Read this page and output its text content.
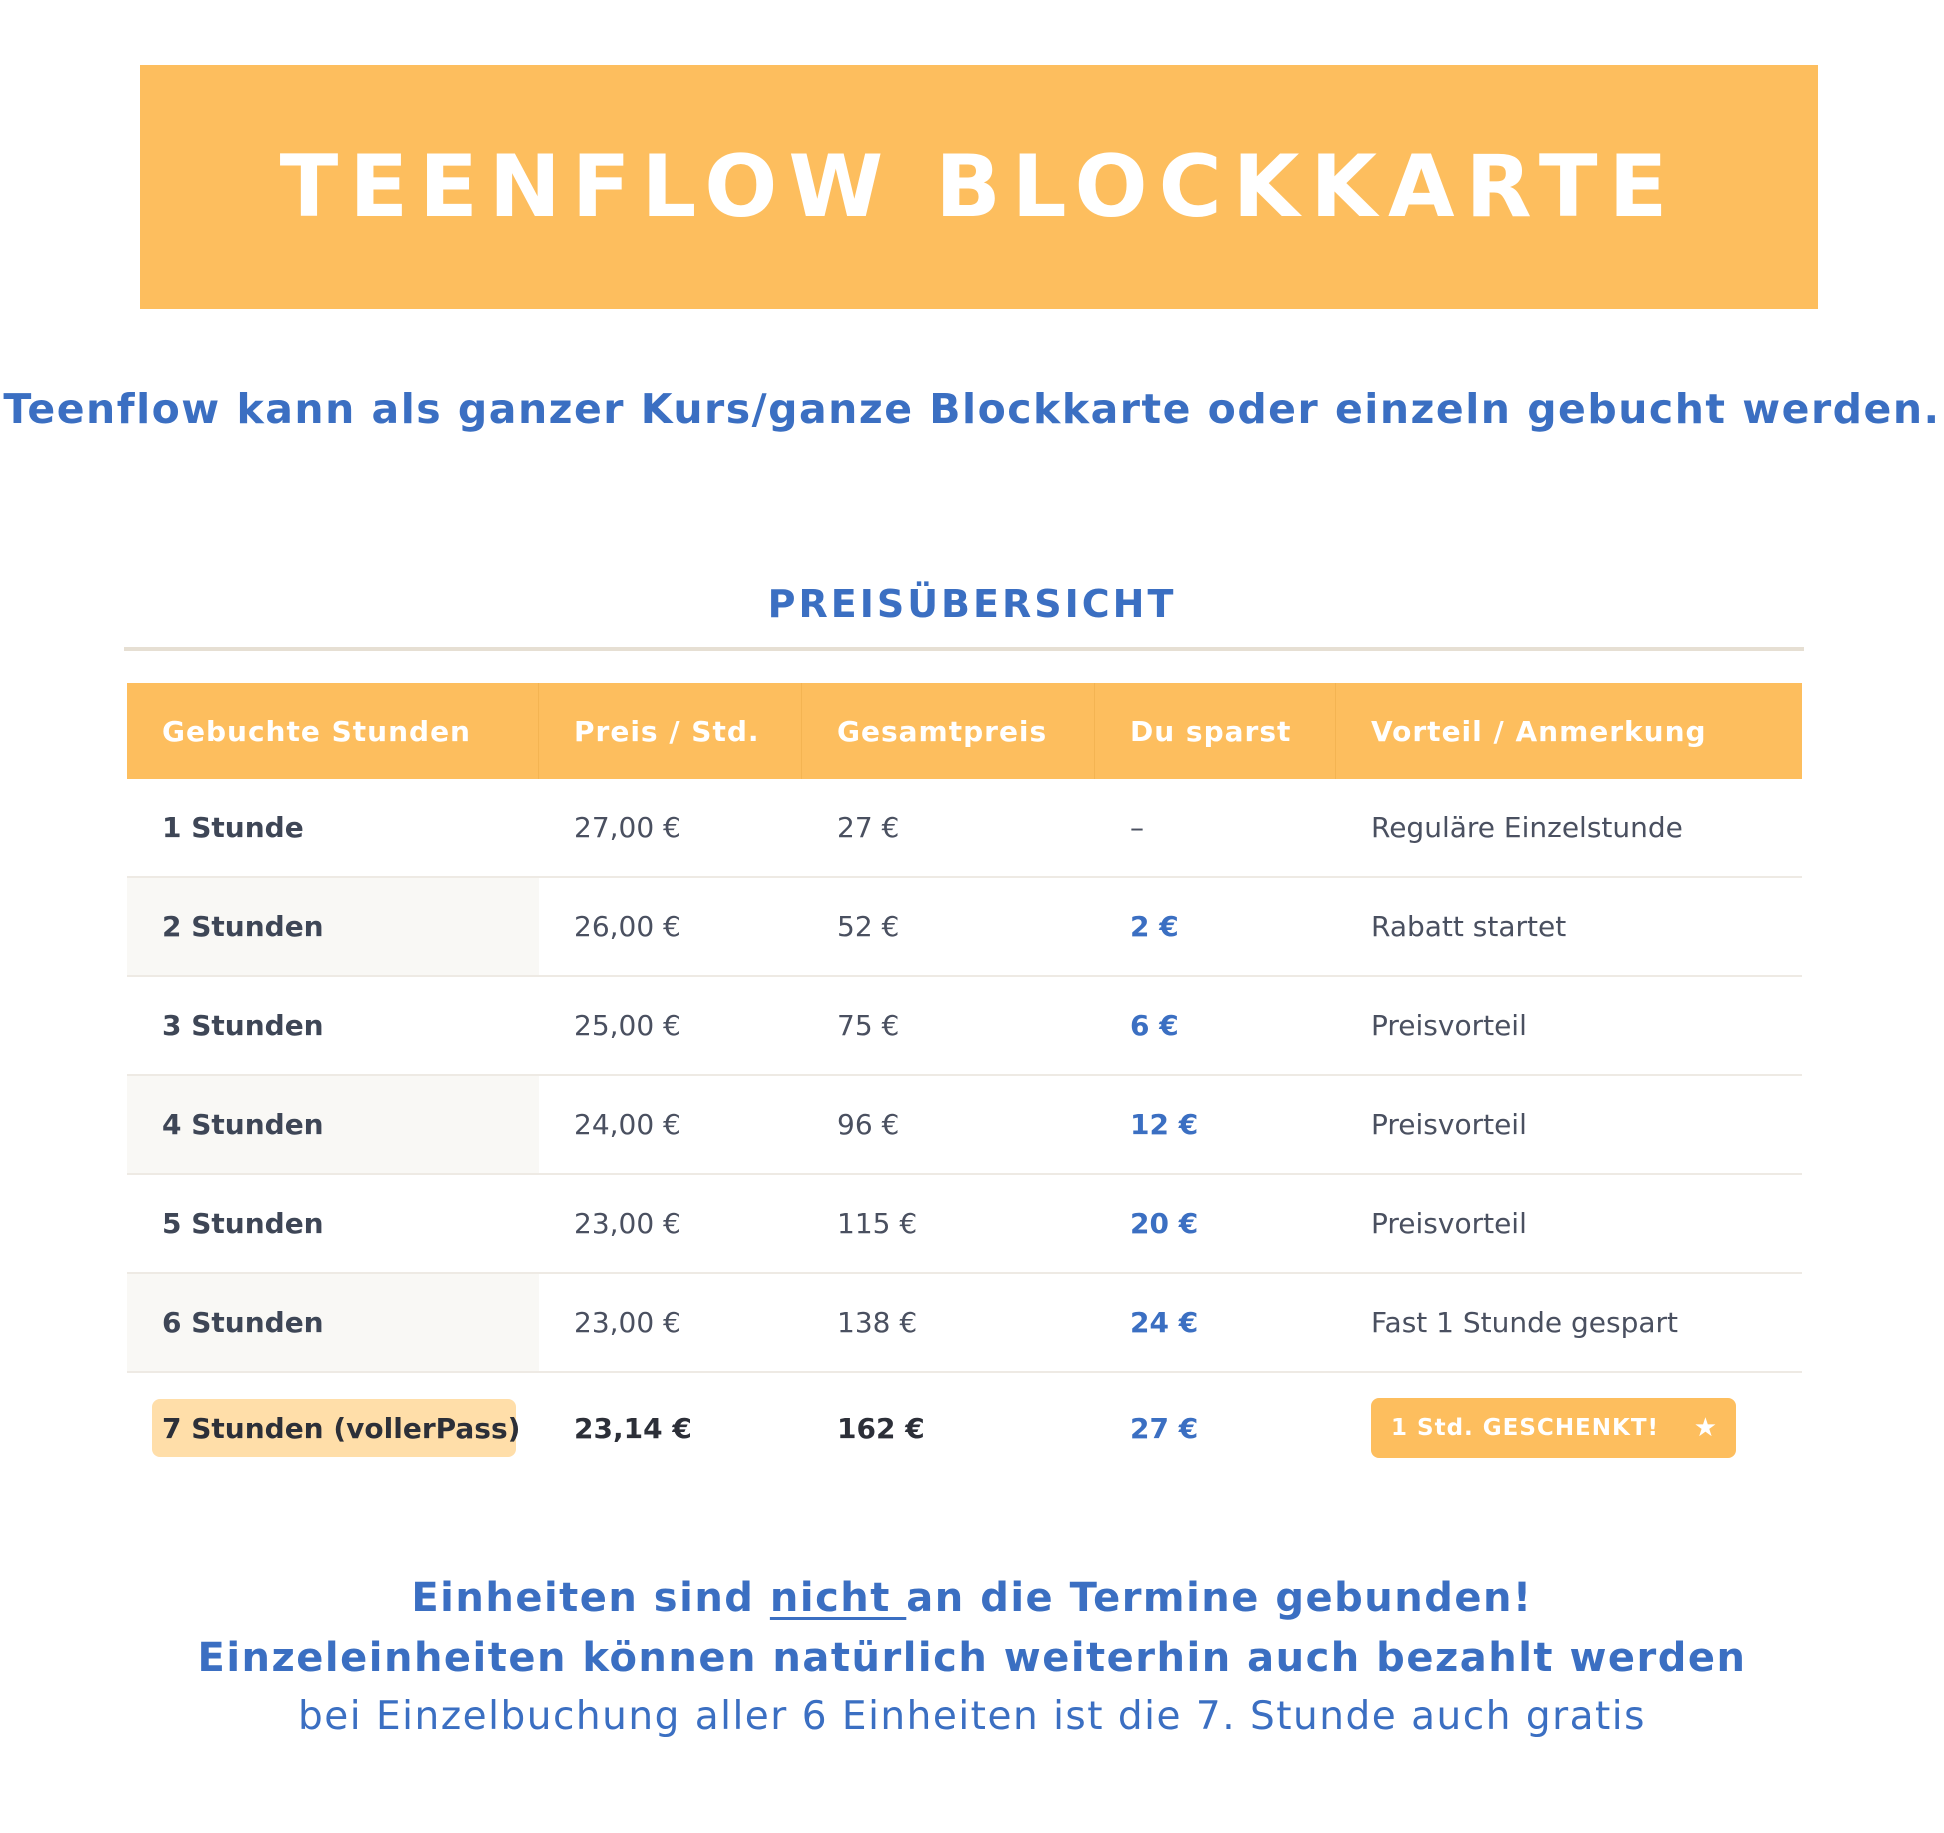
TEENFLOW BLOCKKARTE
Teenflow kann als ganzer Kurs/ganze Blockkarte oder einzeln gebucht werden.
PREISÜBERSICHT
Gebuchte Stunden	Preis / Std.	Gesamtpreis	Du sparst	Vorteil / Anmerkung
1 Stunde	27,00 €	27 €	–	Reguläre Einzelstunde
2 Stunden	26,00 €	52 €	2 €	Rabatt startet
3 Stunden	25,00 €	75 €	6 €	Preisvorteil
4 Stunden	24,00 €	96 €	12 €	Preisvorteil
5 Stunden	23,00 €	115 €	20 €	Preisvorteil
6 Stunden	23,00 €	138 €	24 €	Fast 1 Stunde gespart
7 Stunden (vollerPass)	23,14 €	162 €	27 €	1 Std. GESCHENKT! ★
Einheiten sind nicht an die Termine gebunden!
Einzeleinheiten können natürlich weiterhin auch bezahlt werden
bei Einzelbuchung aller 6 Einheiten ist die 7. Stunde auch gratis
